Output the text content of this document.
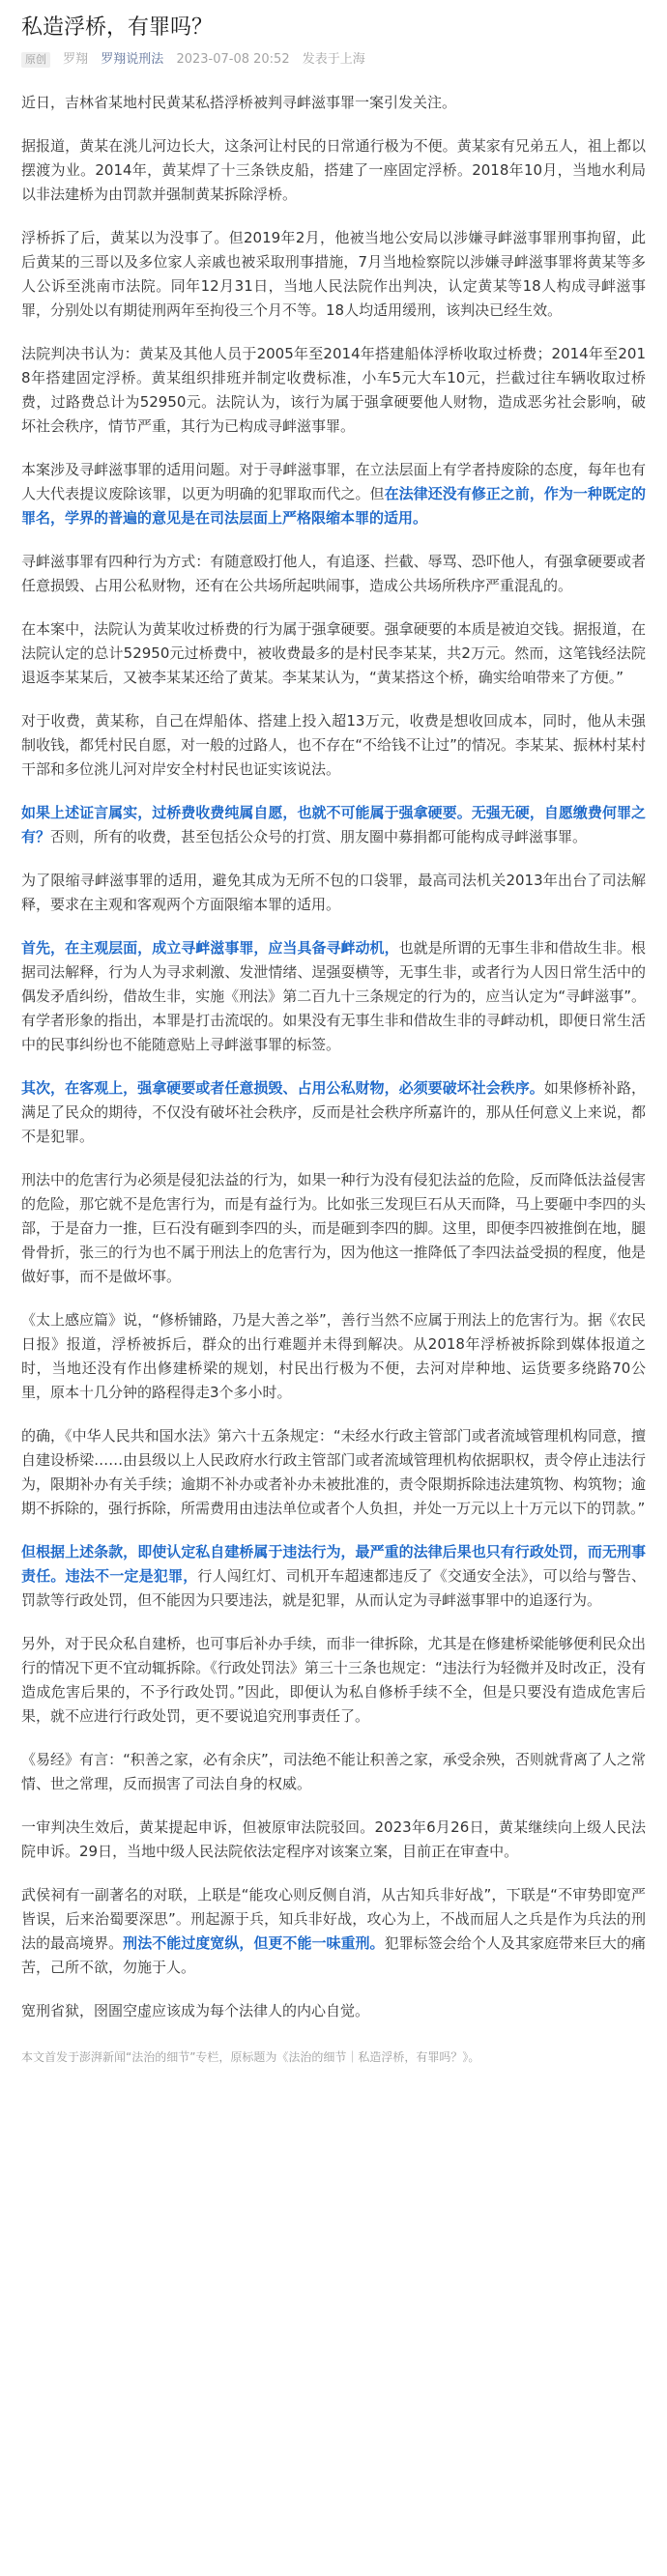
私造浮桥，有罪吗？
原创 罗翔 罗翔说刑法 2023-07-08 20:52 发表于上海

近日，吉林省某地村民黄某私搭浮桥被判寻衅滋事罪一案引发关注。

据报道，黄某在洮儿河边长大，这条河让村民的日常通行极为不便。黄某家有兄弟五人，祖上都以摆渡为业。2014年，黄某焊了十三条铁皮船，搭建了一座固定浮桥。2018年10月，当地水利局以非法建桥为由罚款并强制黄某拆除浮桥。

浮桥拆了后，黄某以为没事了。但2019年2月，他被当地公安局以涉嫌寻衅滋事罪刑事拘留，此后黄某的三哥以及多位家人亲戚也被采取刑事措施，7月当地检察院以涉嫌寻衅滋事罪将黄某等多人公诉至洮南市法院。同年12月31日，当地人民法院作出判决，认定黄某等18人构成寻衅滋事罪，分别处以有期徒刑两年至拘役三个月不等。18人均适用缓刑，该判决已经生效。

法院判决书认为：黄某及其他人员于2005年至2014年搭建船体浮桥收取过桥费；2014年至2018年搭建固定浮桥。黄某组织排班并制定收费标准，小车5元大车10元，拦截过往车辆收取过桥费，过路费总计为52950元。法院认为，该行为属于强拿硬要他人财物，造成恶劣社会影响，破坏社会秩序，情节严重，其行为已构成寻衅滋事罪。

本案涉及寻衅滋事罪的适用问题。对于寻衅滋事罪，在立法层面上有学者持废除的态度，每年也有人大代表提议废除该罪，以更为明确的犯罪取而代之。但在法律还没有修正之前，作为一种既定的罪名，学界的普遍的意见是在司法层面上严格限缩本罪的适用。

寻衅滋事罪有四种行为方式：有随意殴打他人，有追逐、拦截、辱骂、恐吓他人，有强拿硬要或者任意损毁、占用公私财物，还有在公共场所起哄闹事，造成公共场所秩序严重混乱的。

在本案中，法院认为黄某收过桥费的行为属于强拿硬要。强拿硬要的本质是被迫交钱。据报道，在法院认定的总计52950元过桥费中，被收费最多的是村民李某某，共2万元。然而，这笔钱经法院退返李某某后，又被李某某还给了黄某。李某某认为，“黄某搭这个桥，确实给咱带来了方便。”

对于收费，黄某称，自己在焊船体、搭建上投入超13万元，收费是想收回成本，同时，他从未强制收钱，都凭村民自愿，对一般的过路人，也不存在“不给钱不让过”的情况。李某某、振林村某村干部和多位洮儿河对岸安全村村民也证实该说法。

如果上述证言属实，过桥费收费纯属自愿，也就不可能属于强拿硬要。无强无硬，自愿缴费何罪之有？否则，所有的收费，甚至包括公众号的打赏、朋友圈中募捐都可能构成寻衅滋事罪。

为了限缩寻衅滋事罪的适用，避免其成为无所不包的口袋罪，最高司法机关2013年出台了司法解释，要求在主观和客观两个方面限缩本罪的适用。

首先，在主观层面，成立寻衅滋事罪，应当具备寻衅动机，也就是所谓的无事生非和借故生非。根据司法解释，行为人为寻求刺激、发泄情绪、逞强耍横等，无事生非，或者行为人因日常生活中的偶发矛盾纠纷，借故生非，实施《刑法》第二百九十三条规定的行为的，应当认定为“寻衅滋事”。有学者形象的指出，本罪是打击流氓的。如果没有无事生非和借故生非的寻衅动机，即便日常生活中的民事纠纷也不能随意贴上寻衅滋事罪的标签。

其次，在客观上，强拿硬要或者任意损毁、占用公私财物，必须要破坏社会秩序。如果修桥补路，满足了民众的期待，不仅没有破坏社会秩序，反而是社会秩序所嘉许的，那从任何意义上来说，都不是犯罪。

刑法中的危害行为必须是侵犯法益的行为，如果一种行为没有侵犯法益的危险，反而降低法益侵害的危险，那它就不是危害行为，而是有益行为。比如张三发现巨石从天而降，马上要砸中李四的头部，于是奋力一推，巨石没有砸到李四的头，而是砸到李四的脚。这里，即便李四被推倒在地，腿骨骨折，张三的行为也不属于刑法上的危害行为，因为他这一推降低了李四法益受损的程度，他是做好事，而不是做坏事。

《太上感应篇》说，“修桥铺路，乃是大善之举”，善行当然不应属于刑法上的危害行为。据《农民日报》报道，浮桥被拆后，群众的出行难题并未得到解决。从2018年浮桥被拆除到媒体报道之时，当地还没有作出修建桥梁的规划，村民出行极为不便，去河对岸种地、运货要多绕路70公里，原本十几分钟的路程得走3个多小时。

的确，《中华人民共和国水法》第六十五条规定：“未经水行政主管部门或者流域管理机构同意，擅自建设桥梁……由县级以上人民政府水行政主管部门或者流域管理机构依据职权，责令停止违法行为，限期补办有关手续；逾期不补办或者补办未被批准的，责令限期拆除违法建筑物、构筑物；逾期不拆除的，强行拆除，所需费用由违法单位或者个人负担，并处一万元以上十万元以下的罚款。”

但根据上述条款，即使认定私自建桥属于违法行为，最严重的法律后果也只有行政处罚，而无刑事责任。违法不一定是犯罪，行人闯红灯、司机开车超速都违反了《交通安全法》，可以给与警告、罚款等行政处罚，但不能因为只要违法，就是犯罪，从而认定为寻衅滋事罪中的追逐行为。

另外，对于民众私自建桥，也可事后补办手续，而非一律拆除，尤其是在修建桥梁能够便利民众出行的情况下更不宜动辄拆除。《行政处罚法》第三十三条也规定：“违法行为轻微并及时改正，没有造成危害后果的，不予行政处罚。”因此，即便认为私自修桥手续不全，但是只要没有造成危害后果，就不应进行行政处罚，更不要说追究刑事责任了。

《易经》有言：“积善之家，必有余庆”，司法绝不能让积善之家，承受余殃，否则就背离了人之常情、世之常理，反而损害了司法自身的权威。

一审判决生效后，黄某提起申诉，但被原审法院驳回。2023年6月26日，黄某继续向上级人民法院申诉。29日，当地中级人民法院依法定程序对该案立案，目前正在审查中。

武侯祠有一副著名的对联，上联是“能攻心则反侧自消，从古知兵非好战”，下联是“不审势即宽严皆误，后来治蜀要深思”。刑起源于兵，知兵非好战，攻心为上，不战而屈人之兵是作为兵法的刑法的最高境界。刑法不能过度宽纵，但更不能一味重刑。犯罪标签会给个人及其家庭带来巨大的痛苦，己所不欲，勿施于人。

宽刑省狱，囹圄空虚应该成为每个法律人的内心自觉。

本文首发于澎湃新闻“法治的细节”专栏，原标题为《法治的细节｜私造浮桥，有罪吗？》。
